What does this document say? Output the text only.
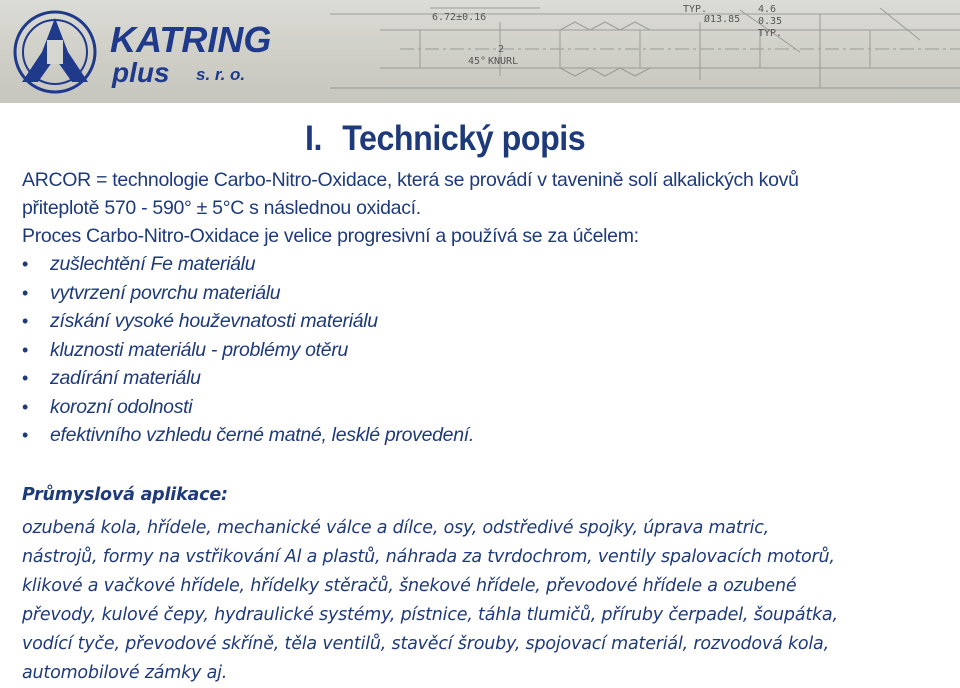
6.72±0.16
45°
TYP.
Ø13.85
4.6
0.35
TYP.
2
KNURL
KATRING
plus s. r. o.
I. Technický popis

ARCOR = technologie Carbo-Nitro-Oxidace, která se provádí v tavenině solí alkalických kovů

přiteplotě 570 - 590° ± 5°C s následnou oxidací.

Proces Carbo-Nitro-Oxidace je velice progresivní a používá se za účelem:

• zušlechtění Fe materiálu
• vytvrzení povrchu materiálu
• získání vysoké houževnatosti materiálu
• kluznosti materiálu - problémy otěru
• zadírání materiálu
• korozní odolnosti
• efektivního vzhledu černé matné, lesklé provedení.
Průmyslová aplikace:
ozubená kola, hřídele, mechanické válce a dílce, osy, odstředivé spojky, úprava matric,
nástrojů, formy na vstřikování Al a plastů, náhrada za tvrdochrom, ventily spalovacích motorů,
klikové a vačkové hřídele, hřídelky stěračů, šnekové hřídele, převodové hřídele a ozubené
převody, kulové čepy, hydraulické systémy, pístnice, táhla tlumičů, příruby čerpadel, šoupátka,
vodící tyče, převodové skříně, těla ventilů, stavěcí šrouby, spojovací materiál, rozvodová kola,
automobilové zámky aj.
